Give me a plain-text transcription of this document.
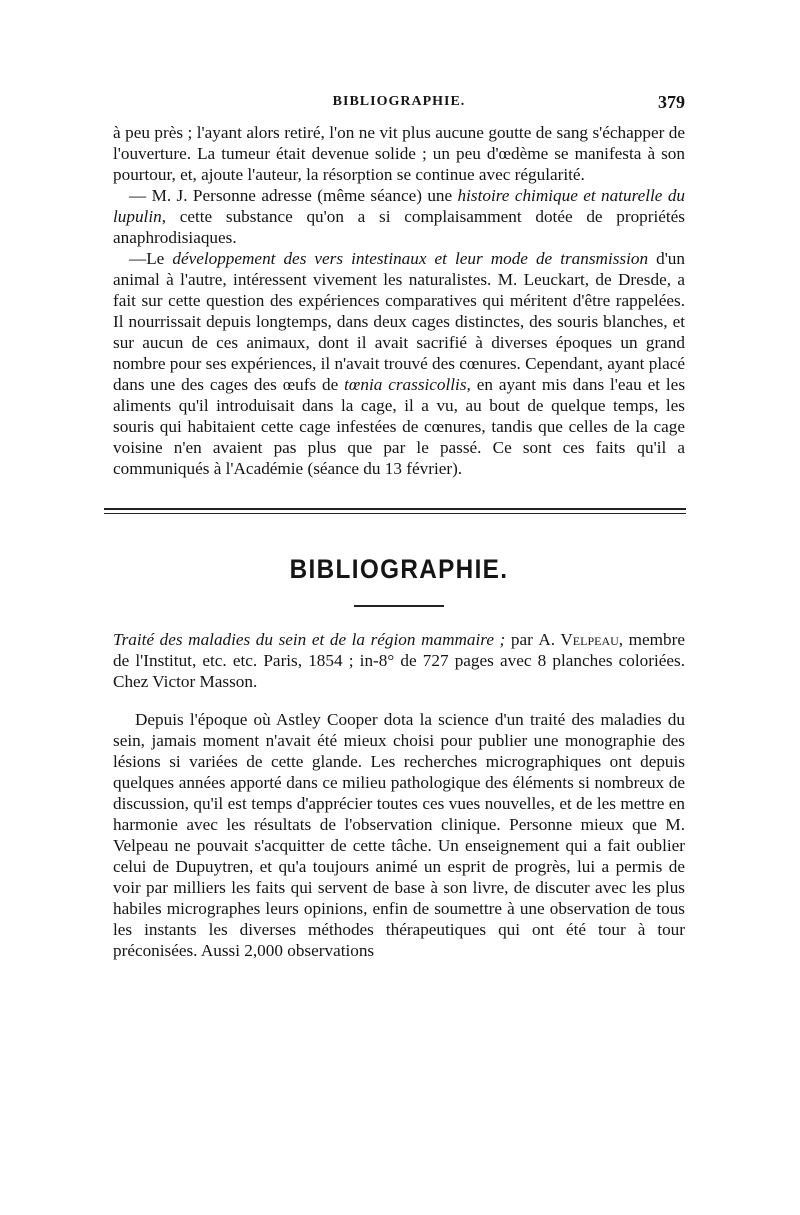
BIBLIOGRAPHIE.	379

à peu près ; l'ayant alors retiré, l'on ne vit plus aucune goutte de sang s'échapper de l'ouverture. La tumeur était devenue solide ; un peu d'œdème se manifesta à son pourtour, et, ajoute l'auteur, la résorption se continue avec régularité.

— M. J. Personne adresse (même séance) une histoire chimique et naturelle du lupulin, cette substance qu'on a si complaisamment dotée de propriétés anaphrodisiaques.

—Le développement des vers intestinaux et leur mode de transmission d'un animal à l'autre, intéressent vivement les naturalistes. M. Leuckart, de Dresde, a fait sur cette question des expériences comparatives qui méritent d'être rappelées. Il nourrissait depuis longtemps, dans deux cages distinctes, des souris blanches, et sur aucun de ces animaux, dont il avait sacrifié à diverses époques un grand nombre pour ses expériences, il n'avait trouvé des cœnures. Cependant, ayant placé dans une des cages des œufs de tœnia crassicollis, en ayant mis dans l'eau et les aliments qu'il introduisait dans la cage, il a vu, au bout de quelque temps, les souris qui habitaient cette cage infestées de cœnures, tandis que celles de la cage voisine n'en avaient pas plus que par le passé. Ce sont ces faits qu'il a communiqués à l'Académie (séance du 13 février).

BIBLIOGRAPHIE.
Traité des maladies du sein et de la région mammaire ; par A. Velpeau, membre de l'Institut, etc. etc. Paris, 1854 ; in-8° de 727 pages avec 8 planches coloriées. Chez Victor Masson.

Depuis l'époque où Astley Cooper dota la science d'un traité des maladies du sein, jamais moment n'avait été mieux choisi pour publier une monographie des lésions si variées de cette glande. Les recherches micrographiques ont depuis quelques années apporté dans ce milieu pathologique des éléments si nombreux de discussion, qu'il est temps d'apprécier toutes ces vues nouvelles, et de les mettre en harmonie avec les résultats de l'observation clinique. Personne mieux que M. Velpeau ne pouvait s'acquitter de cette tâche. Un enseignement qui a fait oublier celui de Dupuytren, et qu'a toujours animé un esprit de progrès, lui a permis de voir par milliers les faits qui servent de base à son livre, de discuter avec les plus habiles micrographes leurs opinions, enfin de soumettre à une observation de tous les instants les diverses méthodes thérapeutiques qui ont été tour à tour préconisées. Aussi 2,000 observations
